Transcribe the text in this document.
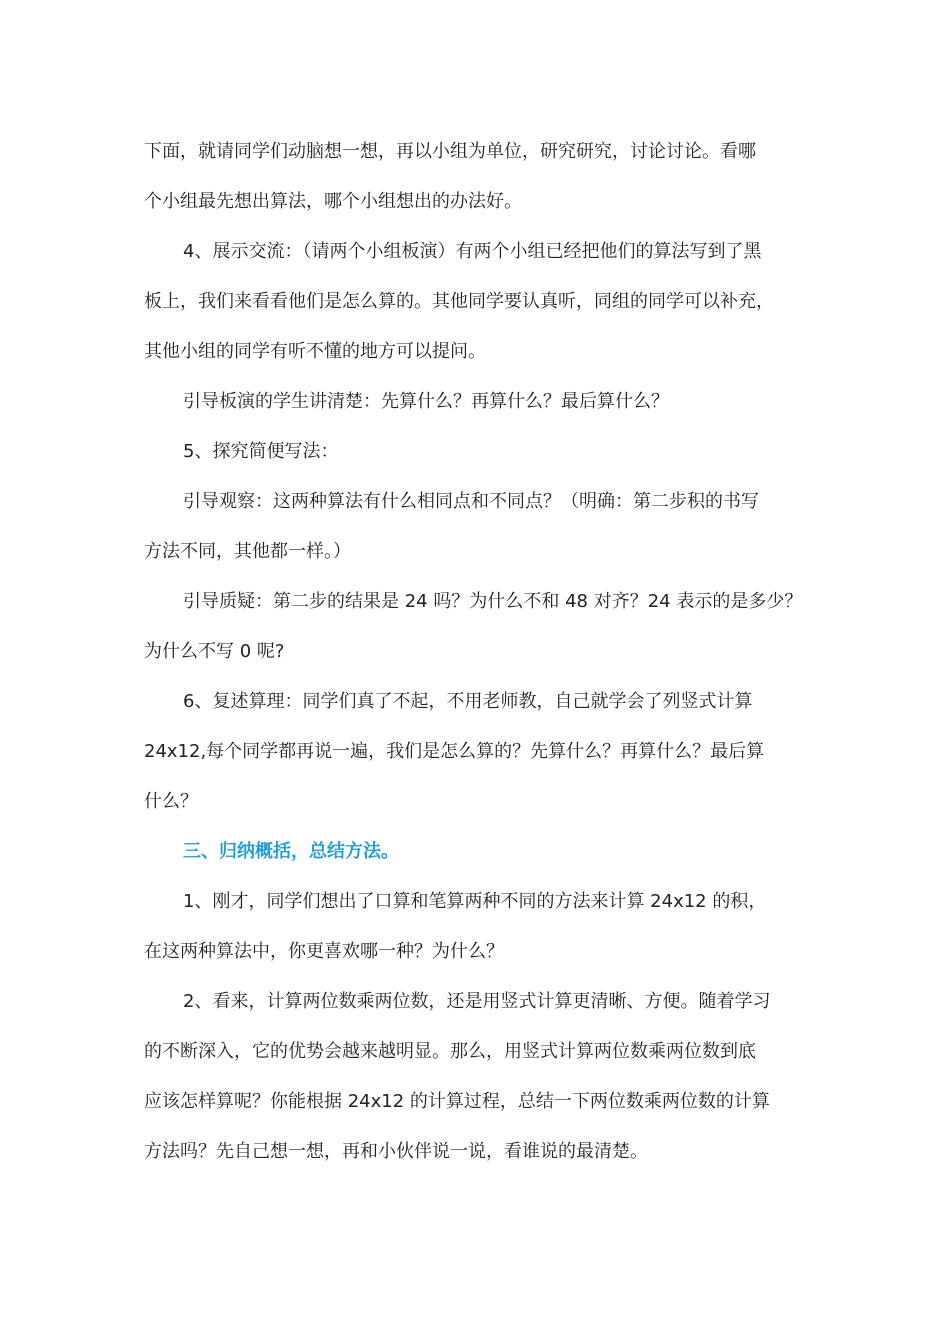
下面，就请同学们动脑想一想，再以小组为单位，研究研究，讨论讨论。看哪
个小组最先想出算法，哪个小组想出的办法好。
4、展示交流：（请两个小组板演）有两个小组已经把他们的算法写到了黑
板上，我们来看看他们是怎么算的。其他同学要认真听，同组的同学可以补充，
其他小组的同学有听不懂的地方可以提问。
引导板演的学生讲清楚：先算什么？再算什么？最后算什么？
5、探究简便写法：
引导观察：这两种算法有什么相同点和不同点？（明确：第二步积的书写
方法不同，其他都一样。）
引导质疑：第二步的结果是 24 吗？为什么不和 48 对齐？24 表示的是多少？
为什么不写 0 呢?
6、复述算理：同学们真了不起，不用老师教，自己就学会了列竖式计算
24x12,每个同学都再说一遍，我们是怎么算的？先算什么？再算什么？最后算
什么？
三、归纳概括，总结方法。
1、刚才，同学们想出了口算和笔算两种不同的方法来计算 24x12 的积，
在这两种算法中，你更喜欢哪一种？为什么？
2、看来，计算两位数乘两位数，还是用竖式计算更清晰、方便。随着学习
的不断深入，它的优势会越来越明显。那么，用竖式计算两位数乘两位数到底
应该怎样算呢？你能根据 24x12 的计算过程，总结一下两位数乘两位数的计算
方法吗？先自己想一想，再和小伙伴说一说，看谁说的最清楚。
